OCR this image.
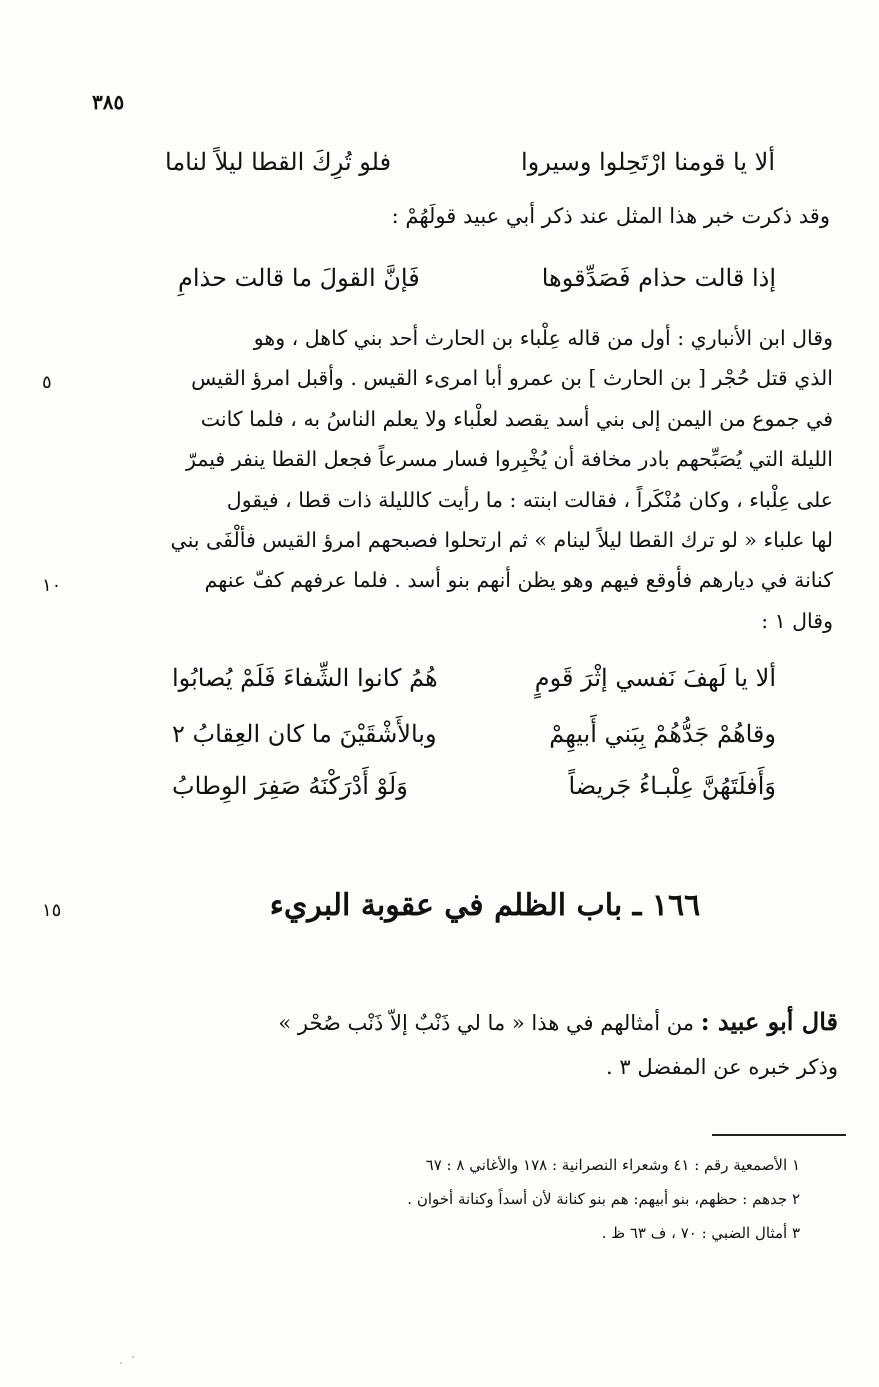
٣٨٥
ألا يا قومنا ارْتَحِلوا وسيروا
فلو تُرِكَ القطا ليلاً لناما
وقد ذكرت خبر هذا المثل عند ذكر أبي عبيد قولَهُمْ :
إذا قالت حذام فَصَدِّقوها
فَإنَّ القولَ ما قالت حذامِ
وقال ابن الأنباري : أول من قاله عِلْباء بن الحارث أحد بني كاهل ، وهو
الذي قتل حُجْر [ بن الحارث ] بن عمرو أبا امرىء القيس . وأقبل امرؤ القيس
في جموع من اليمن إلى بني أسد يقصد لعلْباء ولا يعلم الناسُ به ، فلما كانت
الليلة التي يُصَبِّحهم بادر مخافة أن يُخْبِروا فسار مسرعاً فجعل القطا ينفر فيمرّ
على عِلْباء ، وكان مُنْكَراً ، فقالت ابنته : ما رأيت كالليلة ذات قطا ، فيقول
لها علباء « لو ترك القطا ليلاً لينام » ثم ارتحلوا فصبحهم امرؤ القيس فألْفَى بني
كنانة في ديارهم فأوقع فيهم وهو يظن أنهم بنو أسد . فلما عرفهم كفّ عنهم
وقال ١ :
٥
١٠
١٥
ألا يا لَهفَ نَفسي إثْرَ قَومٍ
هُمُ كانوا الشِّفاءَ فَلَمْ يُصابُوا
وقاهُمْ جَدُّهُمْ بِبَني أَبيهِمْ
وبالأَشْقَيْنَ ما كان العِقابُ ٢
وَأَفلَتَهُنَّ عِلْبـاءُ جَريضاً
وَلَوْ أَدْرَكْنَهُ صَفِرَ الوِطابُ
١٦٦ ـ باب الظلم في عقوبة البريء
قال أبو عبيد : من أمثالهم في هذا « ما لي ذَنْبٌ إلاّ ذَنْب صُحْر »
وذكر خبره عن المفضل ٣ .
١ الأصمعية رقم : ٤١ وشعراء النصرانية : ١٧٨ والأغاني ٨ : ٦٧
٢ جدهم : حظهم، بنو أبيهم: هم بنو كنانة لأن أسداً وكنانة أخوان .
٣ أمثال الضبي : ٧٠ ، ف ٦٣ ظ .
